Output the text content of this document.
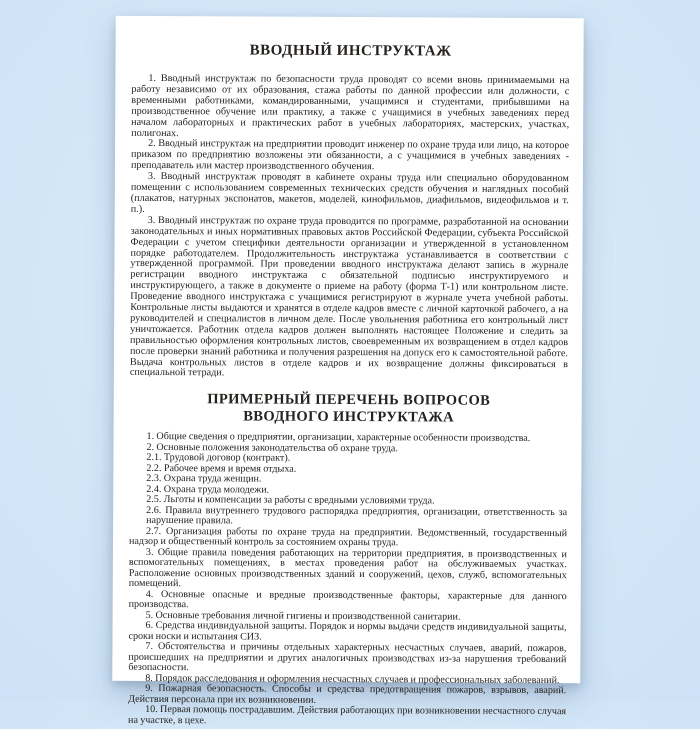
ВВОДНЫЙ ИНСТРУКТАЖ

1. Вводный инструктаж по безопасности труда проводят со всеми вновь принимаемыми на работу независимо от их образования, стажа работы по данной профессии или должности, с временными работниками, командированными, учащимися и студентами, прибывшими на производственное обучение или практику, а также с учащимися в учебных заведениях перед началом лабораторных и практических работ в учебных лабораториях, мастерских, участках, полигонах.

2. Вводный инструктаж на предприятии проводит инженер по охране труда или лицо, на которое приказом по предприятию возложены эти обязанности, а с учащимися в учебных заведениях - преподаватель или мастер производственного обучения.

3. Вводный инструктаж проводят в кабинете охраны труда или специально оборудованном помещении с использованием современных технических средств обучения и наглядных пособий (плакатов, натурных экспонатов, макетов, моделей, кинофильмов, диафильмов, видеофильмов и т. п.).

3. Вводный инструктаж по охране труда проводится по программе, разработанной на основании законодательных и иных нормативных правовых актов Российской Федерации, субъекта Российской Федерации с учетом специфики деятельности организации и утвержденной в установленном порядке работодателем. Продолжительность инструктажа устанавливается в соответствии с утвержденной программой. При проведении вводного инструктажа делают запись в журнале регистрации вводного инструктажа с обязательной подписью инструктируемого и инструктирующего, а также в документе о приеме на работу (форма Т-1) или контрольном листе. Проведение вводного инструктажа с учащимися регистрируют в журнале учета учебной работы. Контрольные листы выдаются и хранятся в отделе кадров вместе с личной карточкой рабочего, а на руководителей и специалистов в личном деле. После увольнения работника его контрольный лист уничтожается. Работник отдела кадров должен выполнять настоящее Положение и следить за правильностью оформления контрольных листов, своевременным их возвращением в отдел кадров после проверки знаний работника и получения разрешения на допуск его к самостоятельной работе. Выдача контрольных листов в отделе кадров и их возвращение должны фиксироваться в специальной тетради.

ПРИМЕРНЫЙ ПЕРЕЧЕНЬ ВОПРОСОВ ВВОДНОГО ИНСТРУКТАЖА

1. Общие сведения о предприятии, организации, характерные особенности производства.

2. Основные положения законодательства об охране труда.

2.1. Трудовой договор (контракт).

2.2. Рабочее время и время отдыха.

2.3. Охрана труда женщин.

2.4. Охрана труда молодежи.

2.5. Льготы и компенсации за работы с вредными условиями труда.

2.6. Правила внутреннего трудового распорядка предприятия, организации, ответственность за нарушение правила.

2.7. Организация работы по охране труда на предприятии. Ведомственный, государственный надзор и общественный контроль за состоянием охраны труда.

3. Общие правила поведения работающих на территории предприятия, в производственных и вспомогательных помещениях, в местах проведения работ на обслуживаемых участках. Расположение основных производственных зданий и сооружений, цехов, служб, вспомогательных помещений.

4. Основные опасные и вредные производственные факторы, характерные для данного производства.

5. Основные требования личной гигиены и производственной санитарии.

6. Средства индивидуальной защиты. Порядок и нормы выдачи средств индивидуальной защиты, сроки носки и испытания СИЗ.

7. Обстоятельства и причины отдельных характерных несчастных случаев, аварий, пожаров, происшедших на предприятии и других аналогичных производствах из-за нарушения требований безопасности.

8. Порядок расследования и оформления несчастных случаев и профессиональных заболеваний.

9. Пожарная безопасность. Способы и средства предотвращения пожаров, взрывов, аварий. Действия персонала при их возникновении.

10. Первая помощь пострадавшим. Действия работающих при возникновении несчастного случая на участке, в цехе.
